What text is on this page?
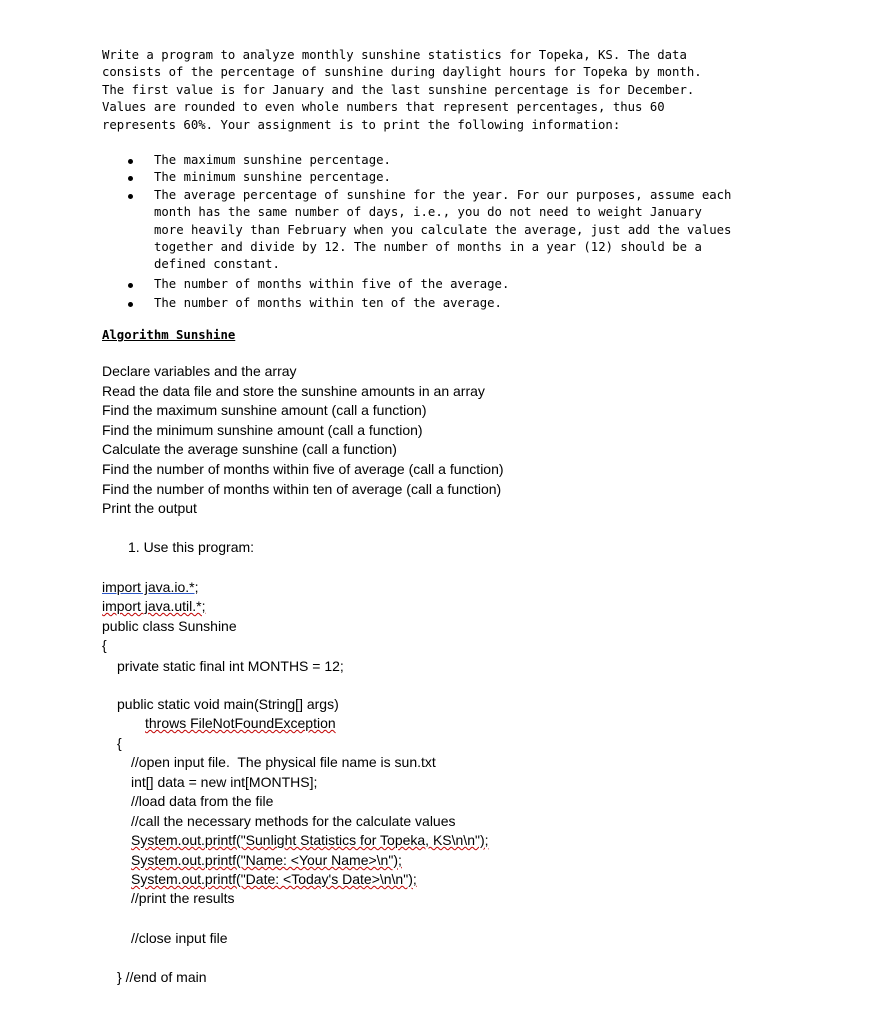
Write a program to analyze monthly sunshine statistics for Topeka, KS. The data

consists of the percentage of sunshine during daylight hours for Topeka by month.

The first value is for January and the last sunshine percentage is for December.

Values are rounded to even whole numbers that represent percentages, thus 60

represents 60%. Your assignment is to print the following information:

The maximum sunshine percentage.
The minimum sunshine percentage.
The average percentage of sunshine for the year. For our purposes, assume each
month has the same number of days, i.e., you do not need to weight January
more heavily than February when you calculate the average, just add the values
together and divide by 12. The number of months in a year (12) should be a
defined constant.
The number of months within five of the average.
The number of months within ten of the average.
Algorithm Sunshine
Declare variables and the array
Read the data file and store the sunshine amounts in an array
Find the maximum sunshine amount (call a function)
Find the minimum sunshine amount (call a function)
Calculate the average sunshine (call a function)
Find the number of months within five of average (call a function)
Find the number of months within ten of average (call a function)
Print the output
1. Use this program:
import java.io.*;
import java.util.*;
public class Sunshine
{
private static final int MONTHS = 12;
public static void main(String[] args)
throws FileNotFoundException
{
//open input file.  The physical file name is sun.txt
int[] data = new int[MONTHS];
//load data from the file
//call the necessary methods for the calculate values
System.out.printf("Sunlight Statistics for Topeka, KS\n\n");
System.out.printf("Name: <Your Name>\n");
System.out.printf("Date: <Today's Date>\n\n");
//print the results
//close input file
} //end of main
